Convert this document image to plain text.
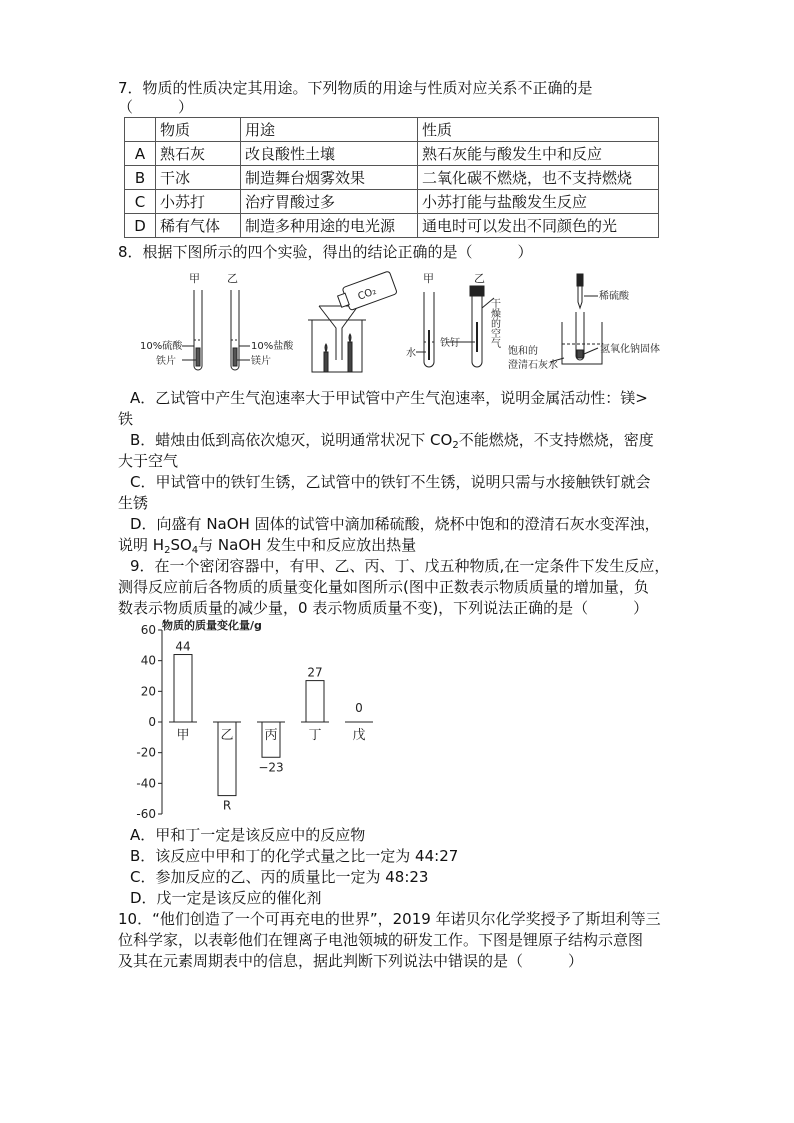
7．物质的性质决定其用途。下列物质的用途与性质对应关系不正确的是
（　　　）
	物质	用途	性质
A	熟石灰	改良酸性土壤	熟石灰能与酸发生中和反应
B	干冰	制造舞台烟雾效果	二氧化碳不燃烧，也不支持燃烧
C	小苏打	治疗胃酸过多	小苏打能与盐酸发生反应
D	稀有气体	制造多种用途的电光源	通电时可以发出不同颜色的光
8．根据下图所示的四个实验，得出的结论正确的是（　　　）
甲 乙
10%硫酸
铁片
10%盐酸
镁片
CO₂
甲	乙
水
铁钉	干燥的空气
稀硫酸
氢氧化钠固体
饱和的
澄清石灰水
A．乙试管中产生气泡速率大于甲试管中产生气泡速率，说明金属活动性：镁>
铁
B．蜡烛由低到高依次熄灭，说明通常状况下 $CO_2$不能燃烧，不支持燃烧，密度
大于空气
C．甲试管中的铁钉生锈，乙试管中的铁钉不生锈，说明只需与水接触铁钉就会
生锈
D．向盛有 NaOH 固体的试管中滴加稀硫酸，烧杯中饱和的澄清石灰水变浑浊，
说明 $H_2SO_4$与 NaOH 发生中和反应放出热量
9．在一个密闭容器中，有甲、乙、丙、丁、戊五种物质,在一定条件下发生反应，
测得反应前后各物质的质量变化量如图所示(图中正数表示物质质量的增加量，负
数表示物质质量的减少量，0 表示物质质量不变)，下列说法正确的是（　　　）
物质的质量变化量/g
60
40
20
0
-20
-40
-60
甲 乙 丙 丁 戊
44
R
−23
27
0
A．甲和丁一定是该反应中的反应物
B．该反应中甲和丁的化学式量之比一定为 44:27
C．参加反应的乙、丙的质量比一定为 48:23
D．戊一定是该反应的催化剂
10．“他们创造了一个可再充电的世界”，2019 年诺贝尔化学奖授予了斯坦利等三
位科学家，以表彰他们在锂离子电池领城的研发工作。下图是锂原子结构示意图
及其在元素周期表中的信息，据此判断下列说法中错误的是（　　　）
